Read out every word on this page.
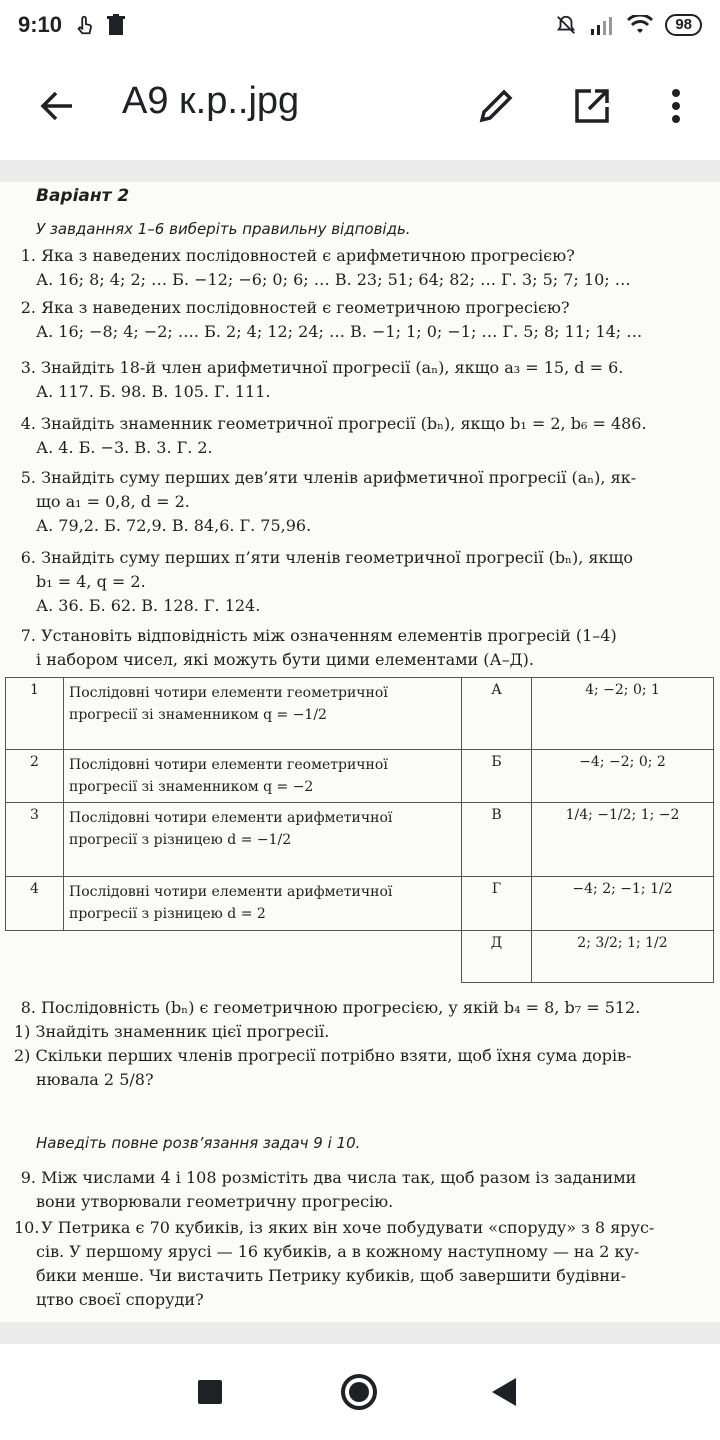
9:10	98
A9 к.р..jpg
Варіант 2
У завданнях 1–6 виберіть правильну відповідь.
1. Яка з наведених послідовностей є арифметичною прогресією?
А. 16; 8; 4; 2; … Б. −12; −6; 0; 6; … В. 23; 51; 64; 82; … Г. 3; 5; 7; 10; …
2. Яка з наведених послідовностей є геометричною прогресією?
А. 16; −8; 4; −2; …. Б. 2; 4; 12; 24; … В. −1; 1; 0; −1; … Г. 5; 8; 11; 14; …
3. Знайдіть 18-й член арифметичної прогресії (aₙ), якщо a₃ = 15, d = 6.
А. 117. Б. 98. В. 105. Г. 111.
4. Знайдіть знаменник геометричної прогресії (bₙ), якщо b₁ = 2, b₆ = 486.
А. 4. Б. −3. В. 3. Г. 2.
5. Знайдіть суму перших дев’яти членів арифметичної прогресії (aₙ), як-
що a₁ = 0,8, d = 2.
А. 79,2. Б. 72,9. В. 84,6. Г. 75,96.
6. Знайдіть суму перших п’яти членів геометричної прогресії (bₙ), якщо
b₁ = 4, q = 2.
А. 36. Б. 62. В. 128. Г. 124.
7. Установіть відповідність між означенням елементів прогресій (1–4)
і набором чисел, які можуть бути цими елементами (А–Д).
1	Послідовні чотири елементи геометричної прогресії зі знаменником q = −1/2	А	4; −2; 0; 1
2	Послідовні чотири елементи геометричної прогресії зі знаменником q = −2	Б	−4; −2; 0; 2
3	Послідовні чотири елементи арифметичної прогресії з різницею d = −1/2	В	1/4; −1/2; 1; −2
4	Послідовні чотири елементи арифметичної прогресії з різницею d = 2	Г	−4; 2; −1; 1/2
		Д	2; 3/2; 1; 1/2
8. Послідовність (bₙ) є геометричною прогресією, у якій b₄ = 8, b₇ = 512.
1) Знайдіть знаменник цієї прогресії.
2) Скільки перших членів прогресії потрібно взяти, щоб їхня сума дорів-
нювала 2 5/8?
Наведіть повне розв’язання задач 9 і 10.
9. Між числами 4 і 108 розмістіть два числа так, щоб разом із заданими
вони утворювали геометричну прогресію.
10. У Петрика є 70 кубиків, із яких він хоче побудувати «споруду» з 8 ярус-
сів. У першому ярусі — 16 кубиків, а в кожному наступному — на 2 ку-
бики менше. Чи вистачить Петрику кубиків, щоб завершити будівни-
цтво своєї споруди?
